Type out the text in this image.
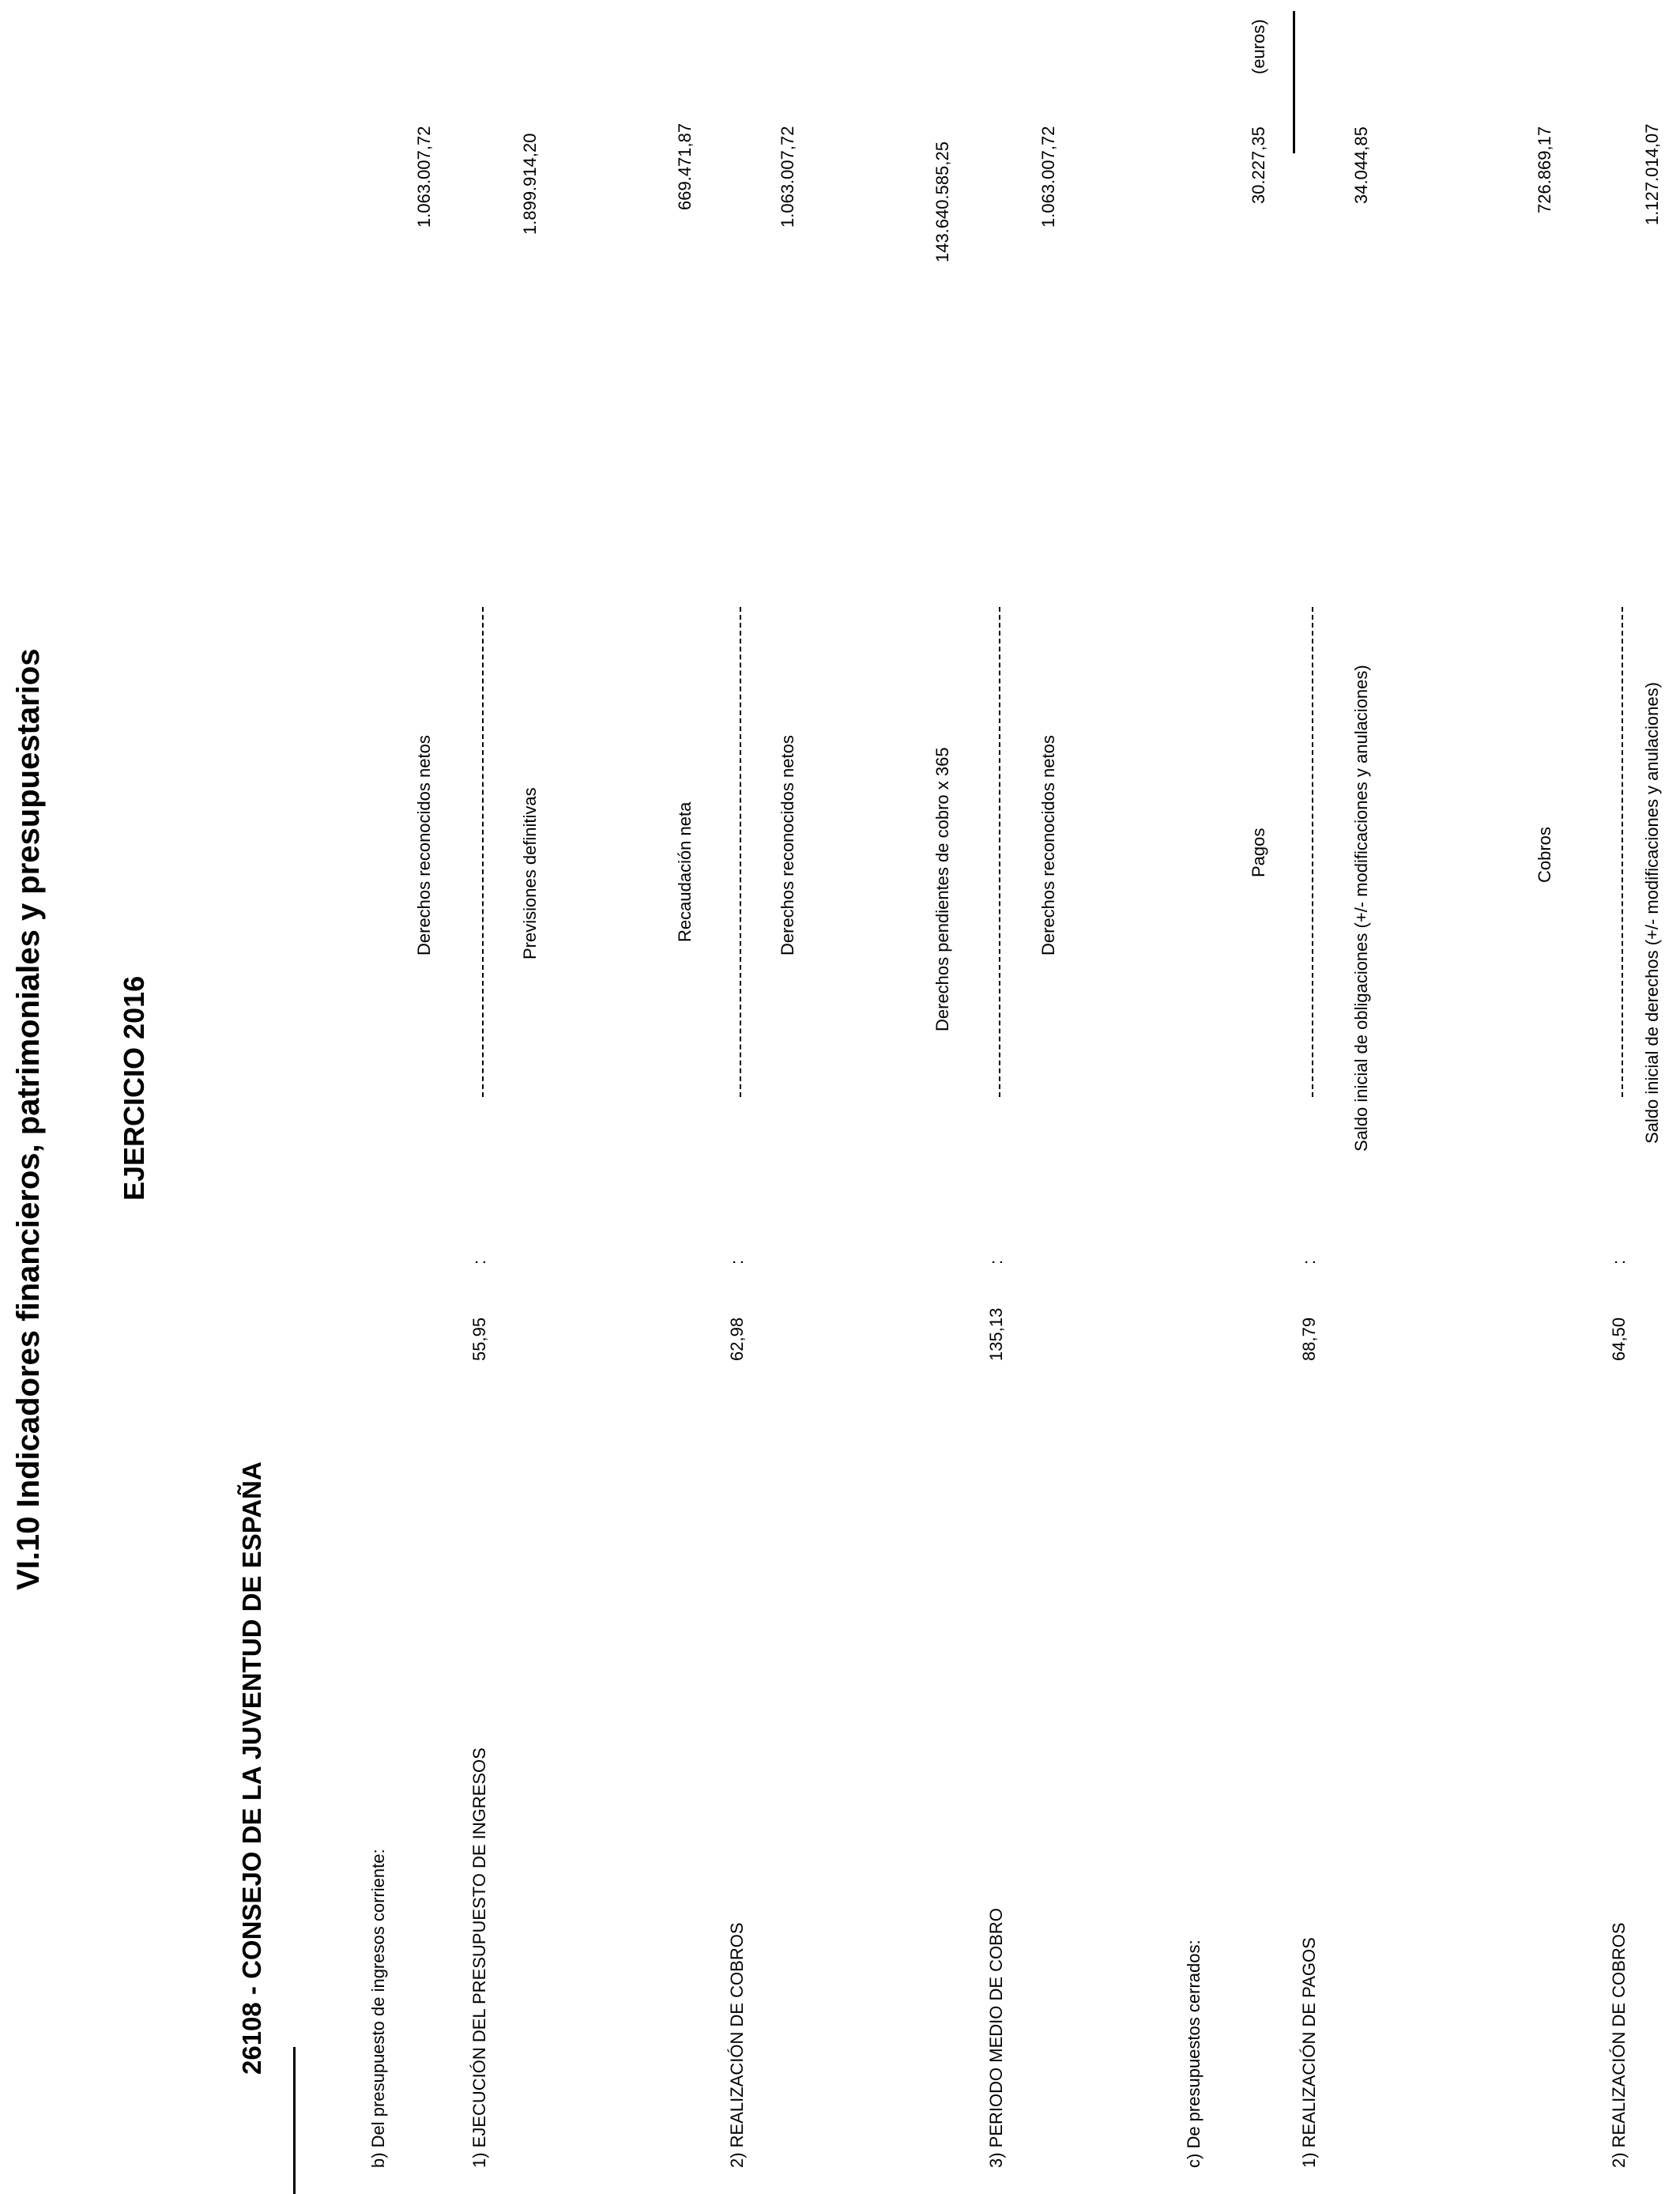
VI.10 Indicadores financieros, patrimoniales y presupuestarios	EJERCICIO 2016
26108 - CONSEJO DE LA JUVENTUD DE ESPAÑA
(euros)
b) Del presupuesto de ingresos corriente:	c) De presupuestos cerrados:
1) EJECUCIÓN DEL PRESUPUESTO DE INGRESOS
55,95
:
Derechos reconocidos netos	Previsiones definitivas
1.063.007,72	1.899.914,20
2) REALIZACIÓN DE COBROS
62,98
:
Recaudación neta	Derechos reconocidos netos
669.471,87	1.063.007,72
3) PERIODO MEDIO DE COBRO
135,13
:
Derechos pendientes de cobro x 365	Derechos reconocidos netos
143.640.585,25	1.063.007,72
1) REALIZACIÓN DE PAGOS
88,79
:
Pagos	Saldo inicial de obligaciones (+/- modificaciones y anulaciones)
30.227,35	34.044,85
2) REALIZACIÓN DE COBROS
64,50
:
Cobros	Saldo inicial de derechos (+/- modificaciones y anulaciones)
726.869,17	1.127.014,07
